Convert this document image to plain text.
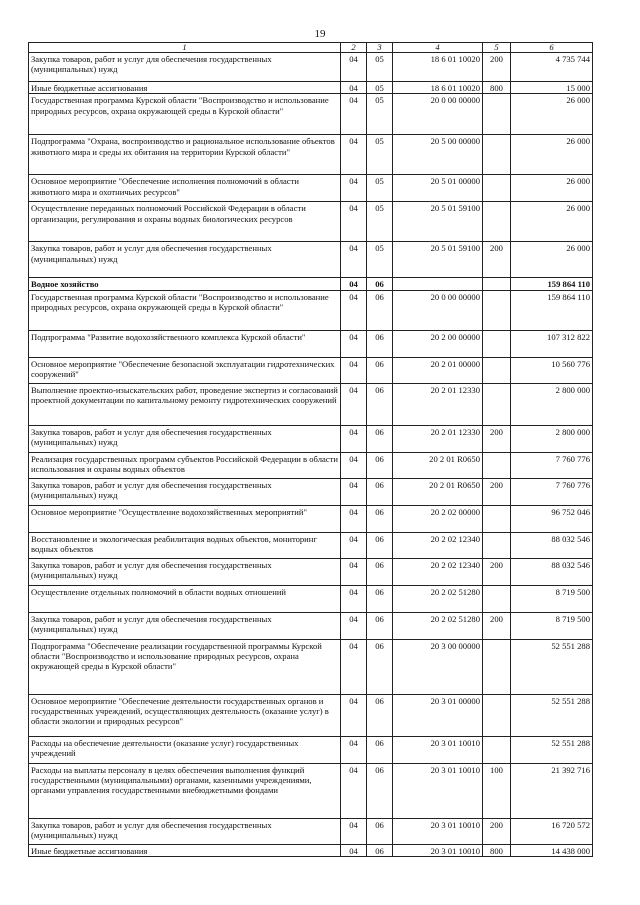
19
1	2	3	4	5	6
Закупка товаров, работ и услуг для обеспечения государственных (муниципальных) нужд	04	05	18 6 01 10020	200	4 735 744
Иные бюджетные ассигнования	04	05	18 6 01 10020	800	15 000
Государственная программа Курской области "Воспроизводство и использование природных ресурсов, охрана окружающей среды в Курской области"	04	05	20 0 00 00000		26 000
Подпрограмма "Охрана, воспроизводство и рациональное использование объектов животного мира и среды их обитания на территории Курской области"	04	05	20 5 00 00000		26 000
Основное мероприятие "Обеспечение исполнения полномочий в области животного мира и охотничьих ресурсов"	04	05	20 5 01 00000		26 000
Осуществление переданных полномочий Российской Федерации в области организации, регулирования и охраны водных биологических ресурсов	04	05	20 5 01 59100		26 000
Закупка товаров, работ и услуг для обеспечения государственных (муниципальных) нужд	04	05	20 5 01 59100	200	26 000
Водное хозяйство	04	06			159 864 110
Государственная программа Курской области "Воспроизводство и использование природных ресурсов, охрана окружающей среды в Курской области"	04	06	20 0 00 00000		159 864 110
Подпрограмма "Развитие водохозяйственного комплекса Курской области"	04	06	20 2 00 00000		107 312 822
Основное мероприятие "Обеспечение безопасной эксплуатации гидротехнических сооружений"	04	06	20 2 01 00000		10 560 776
Выполнение проектно-изыскательских работ, проведение экспертиз и согласований проектной документации по капитальному ремонту гидротехнических сооружений	04	06	20 2 01 12330		2 800 000
Закупка товаров, работ и услуг для обеспечения государственных (муниципальных) нужд	04	06	20 2 01 12330	200	2 800 000
Реализация государственных программ субъектов Российской Федерации в области использования и охраны водных объектов	04	06	20 2 01 R0650		7 760 776
Закупка товаров, работ и услуг для обеспечения государственных (муниципальных) нужд	04	06	20 2 01 R0650	200	7 760 776
Основное мероприятие "Осуществление водохозяйственных мероприятий"	04	06	20 2 02 00000		96 752 046
Восстановление и экологическая реабилитация водных объектов, мониторинг водных объектов	04	06	20 2 02 12340		88 032 546
Закупка товаров, работ и услуг для обеспечения государственных (муниципальных) нужд	04	06	20 2 02 12340	200	88 032 546
Осуществление отдельных полномочий в области водных отношений	04	06	20 2 02 51280		8 719 500
Закупка товаров, работ и услуг для обеспечения государственных (муниципальных) нужд	04	06	20 2 02 51280	200	8 719 500
Подпрограмма "Обеспечение реализации государственной программы Курской области "Воспроизводство и использование природных ресурсов, охрана окружающей среды в Курской области"	04	06	20 3 00 00000		52 551 288
Основное мероприятие "Обеспечение деятельности государственных органов и государственных учреждений, осуществляющих деятельность (оказание услуг) в области экологии и природных ресурсов"	04	06	20 3 01 00000		52 551 288
Расходы на обеспечение деятельности (оказание услуг) государственных учреждений	04	06	20 3 01 10010		52 551 288
Расходы на выплаты персоналу в целях обеспечения выполнения функций государственными (муниципальными) органами, казенными учреждениями, органами управления государственными внебюджетными фондами	04	06	20 3 01 10010	100	21 392 716
Закупка товаров, работ и услуг для обеспечения государственных (муниципальных) нужд	04	06	20 3 01 10010	200	16 720 572
Иные бюджетные ассигнования	04	06	20 3 01 10010	800	14 438 000
